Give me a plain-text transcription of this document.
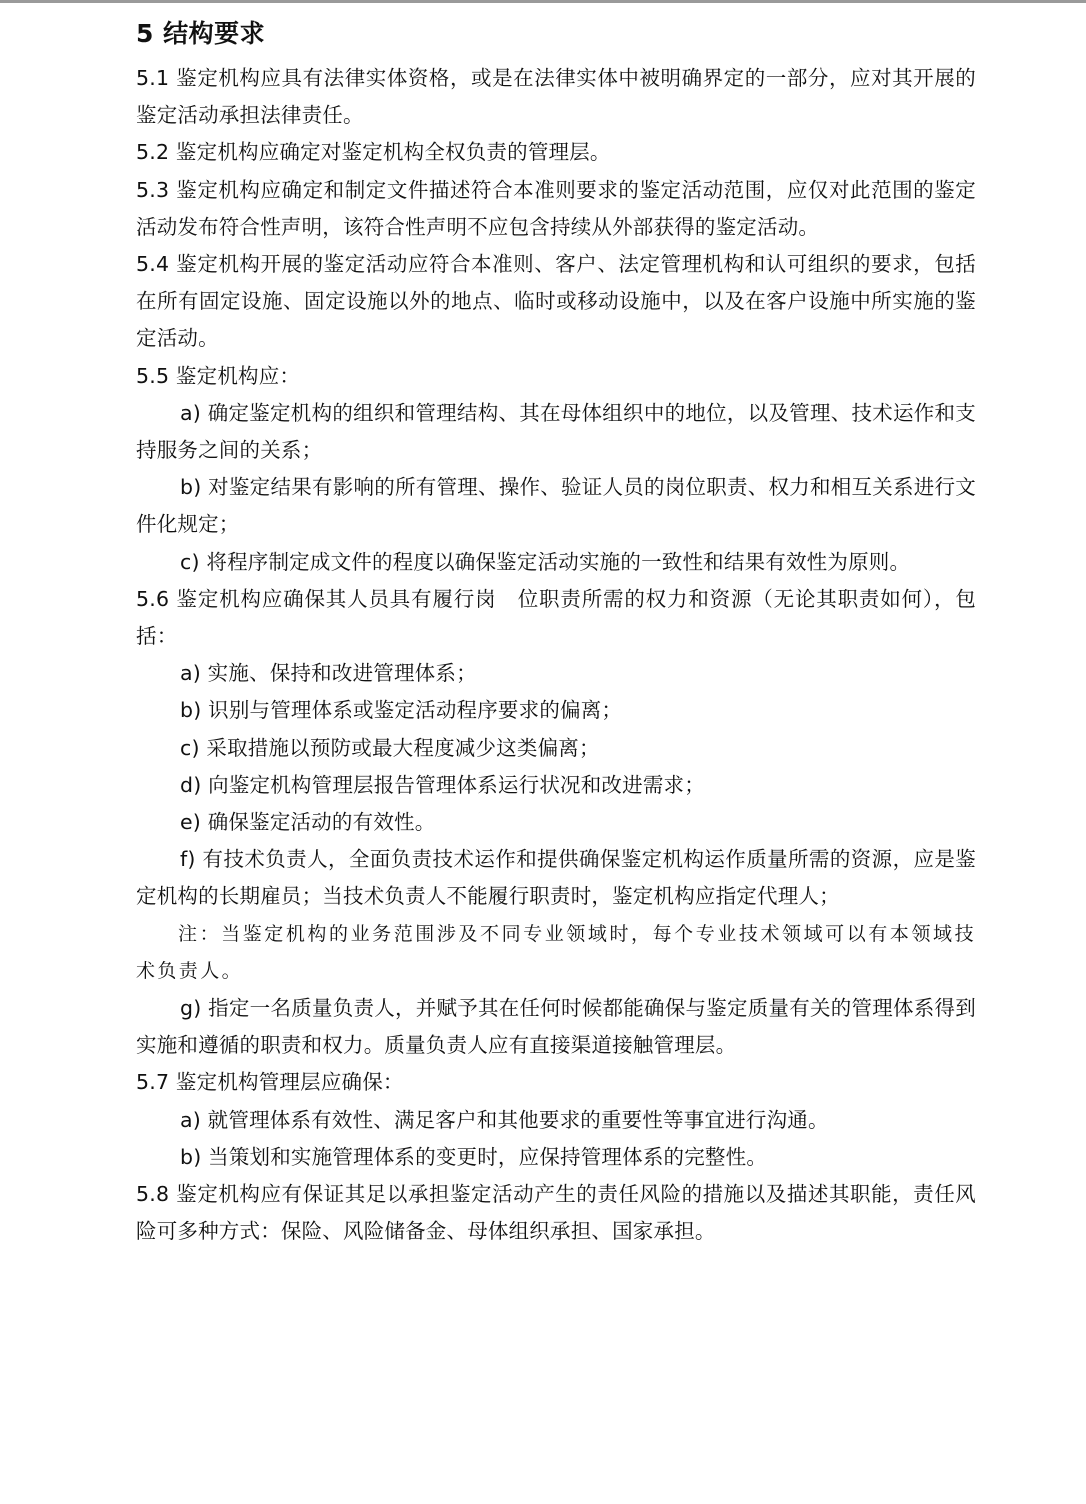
5 结构要求

5.1 鉴定机构应具有法律实体资格，或是在法律实体中被明确界定的一部分，应对其开展的鉴定活动承担法律责任。

5.2 鉴定机构应确定对鉴定机构全权负责的管理层。

5.3 鉴定机构应确定和制定文件描述符合本准则要求的鉴定活动范围，应仅对此范围的鉴定活动发布符合性声明，该符合性声明不应包含持续从外部获得的鉴定活动。

5.4 鉴定机构开展的鉴定活动应符合本准则、客户、法定管理机构和认可组织的要求，包括在所有固定设施、固定设施以外的地点、临时或移动设施中，以及在客户设施中所实施的鉴定活动。

5.5 鉴定机构应：

a) 确定鉴定机构的组织和管理结构、其在母体组织中的地位，以及管理、技术运作和支持服务之间的关系；

b) 对鉴定结果有影响的所有管理、操作、验证人员的岗位职责、权力和相互关系进行文件化规定；

c) 将程序制定成文件的程度以确保鉴定活动实施的一致性和结果有效性为原则。

5.6 鉴定机构应确保其人员具有履行岗　位职责所需的权力和资源（无论其职责如何），包括：

a) 实施、保持和改进管理体系；

b) 识别与管理体系或鉴定活动程序要求的偏离；

c) 采取措施以预防或最大程度减少这类偏离；

d) 向鉴定机构管理层报告管理体系运行状况和改进需求；

e) 确保鉴定活动的有效性。

f) 有技术负责人，全面负责技术运作和提供确保鉴定机构运作质量所需的资源，应是鉴定机构的长期雇员；当技术负责人不能履行职责时，鉴定机构应指定代理人；

注：当鉴定机构的业务范围涉及不同专业领域时，每个专业技术领域可以有本领域技术负责人。

g) 指定一名质量负责人，并赋予其在任何时候都能确保与鉴定质量有关的管理体系得到实施和遵循的职责和权力。质量负责人应有直接渠道接触管理层。

5.7 鉴定机构管理层应确保：

a) 就管理体系有效性、满足客户和其他要求的重要性等事宜进行沟通。

b) 当策划和实施管理体系的变更时，应保持管理体系的完整性。

5.8 鉴定机构应有保证其足以承担鉴定活动产生的责任风险的措施以及描述其职能，责任风险可多种方式：保险、风险储备金、母体组织承担、国家承担。
